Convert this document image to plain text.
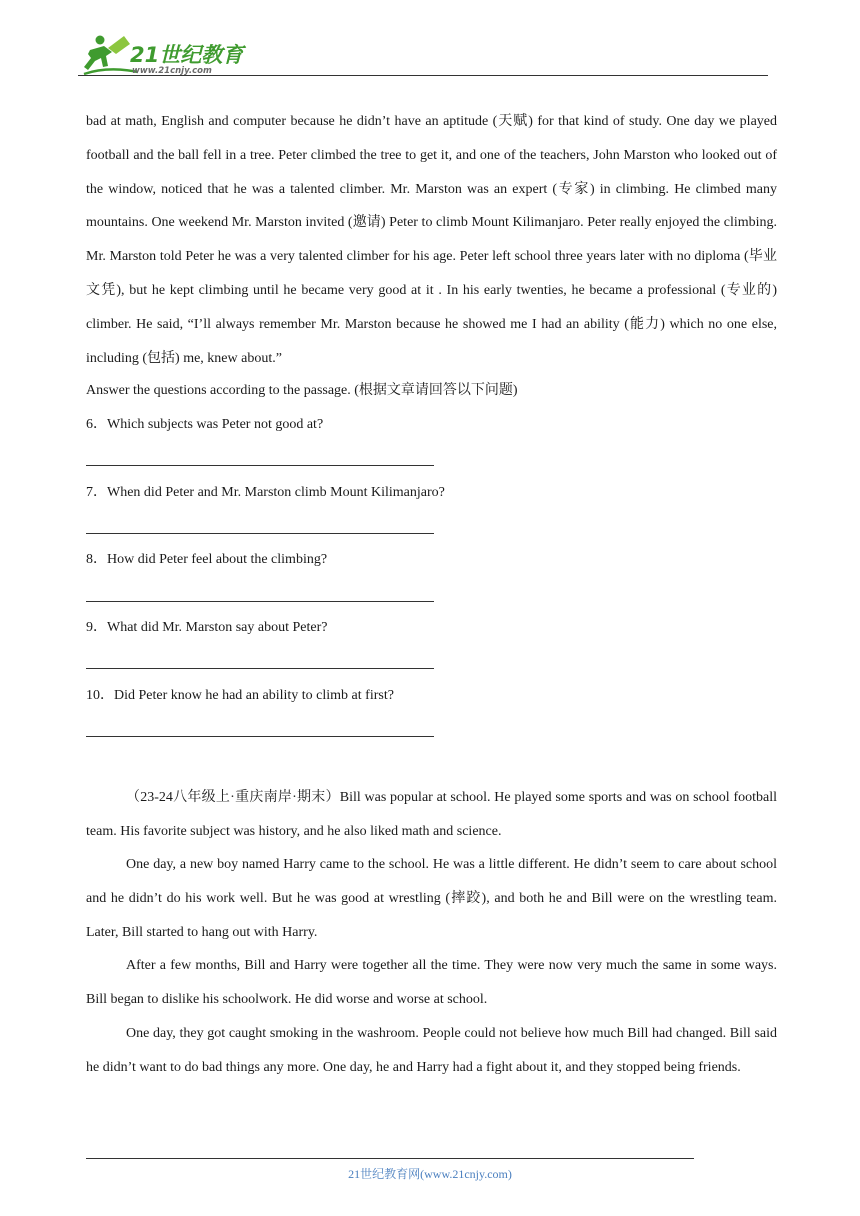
21世纪教育
www.21cnjy.com

bad at math, English and computer because he didn’t have an aptitude (天赋) for that kind of study. One day we played football and the ball fell in a tree. Peter climbed the tree to get it, and one of the teachers, John Marston who looked out of the window, noticed that he was a talented climber. Mr. Marston was an expert (专家) in climbing. He climbed many mountains. One weekend Mr. Marston invited (邀请) Peter to climb Mount Kilimanjaro. Peter really enjoyed the climbing. Mr. Marston told Peter he was a very talented climber for his age. Peter left school three years later with no diploma (毕业文凭), but he kept climbing until he became very good at it . In his early twenties, he became a professional (专业的) climber. He said, “I’ll always remember Mr. Marston because he showed me I had an ability (能力) which no one else, including (包括) me, knew about.”

Answer the questions according to the passage. (根据文章请回答以下问题)

6．Which subjects was Peter not good at?

7．When did Peter and Mr. Marston climb Mount Kilimanjaro?

8．How did Peter feel about the climbing?

9．What did Mr. Marston say about Peter?

10．Did Peter know he had an ability to climb at first?

（23-24八年级上·重庆南岸·期末）Bill was popular at school. He played some sports and was on school football team. His favorite subject was history, and he also liked math and science.

One day, a new boy named Harry came to the school. He was a little different. He didn’t seem to care about school and he didn’t do his work well. But he was good at wrestling (摔跤), and both he and Bill were on the wrestling team. Later, Bill started to hang out with Harry.

After a few months, Bill and Harry were together all the time. They were now very much the same in some ways. Bill began to dislike his schoolwork. He did worse and worse at school.

One day, they got caught smoking in the washroom. People could not believe how much Bill had changed. Bill said he didn’t want to do bad things any more. One day, he and Harry had a fight about it, and they stopped being friends.

21世纪教育网(www.21cnjy.com)
